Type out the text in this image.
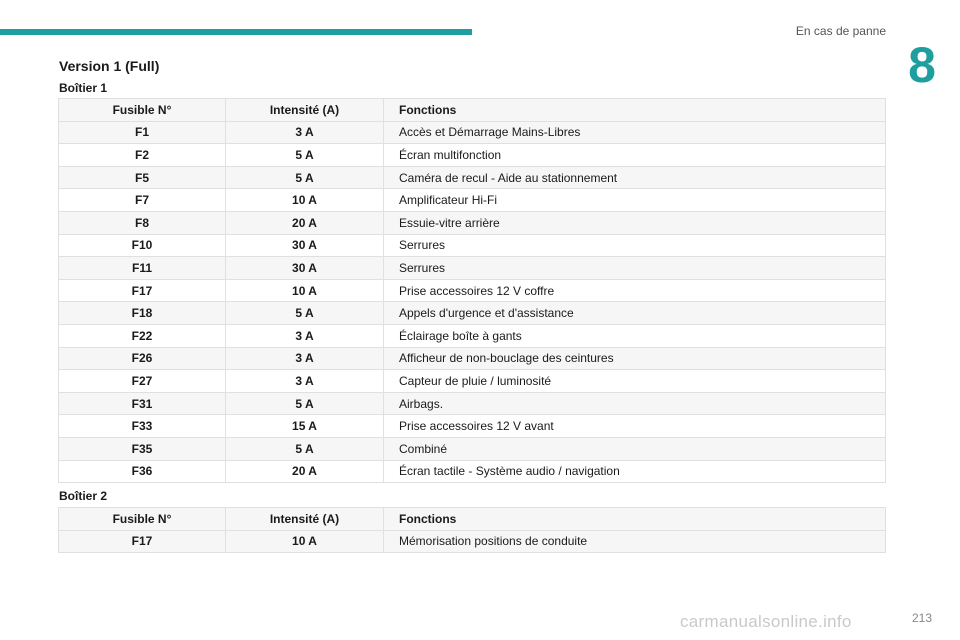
En cas de panne
8
Version 1 (Full)
Boîtier 1
Fusible N°	Intensité (A)	Fonctions
F1	3 A	Accès et Démarrage Mains-Libres
F2	5 A	Écran multifonction
F5	5 A	Caméra de recul - Aide au stationnement
F7	10 A	Amplificateur Hi-Fi
F8	20 A	Essuie-vitre arrière
F10	30 A	Serrures
F11	30 A	Serrures
F17	10 A	Prise accessoires 12 V coffre
F18	5 A	Appels d'urgence et d'assistance
F22	3 A	Éclairage boîte à gants
F26	3 A	Afficheur de non-bouclage des ceintures
F27	3 A	Capteur de pluie / luminosité
F31	5 A	Airbags.
F33	15 A	Prise accessoires 12 V avant
F35	5 A	Combiné
F36	20 A	Écran tactile - Système audio / navigation
Boîtier 2
Fusible N°	Intensité (A)	Fonctions
F17	10 A	Mémorisation positions de conduite
213
carmanualsonline.info
